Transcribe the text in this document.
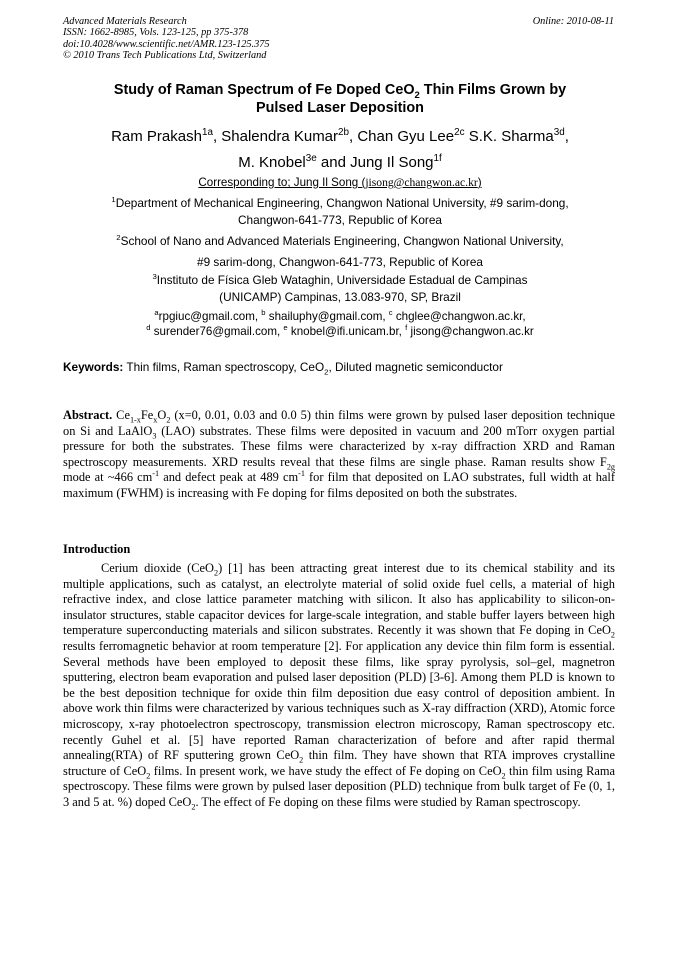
Advanced Materials Research
ISSN: 1662-8985, Vols. 123-125, pp 375-378
doi:10.4028/www.scientific.net/AMR.123-125.375
© 2010 Trans Tech Publications Ltd, Switzerland
Online: 2010-08-11
Study of Raman Spectrum of Fe Doped CeO$_2$ Thin Films Grown by
Pulsed Laser Deposition
Ram Prakash$^{1a}$, Shalendra Kumar$^{2b}$, Chan Gyu Lee$^{2c}$ S.K. Sharma$^{3d}$,
M. Knobel$^{3e}$ and Jung Il Song$^{1f}$
Corresponding to; Jung Il Song (jisong@changwon.ac.kr)
$^1$Department of Mechanical Engineering, Changwon National University, #9 sarim-dong,
Changwon-641-773, Republic of Korea
$^2$School of Nano and Advanced Materials Engineering, Changwon National University,
#9 sarim-dong, Changwon-641-773, Republic of Korea
$^3$Instituto de Física Gleb Wataghin, Universidade Estadual de Campinas
(UNICAMP) Campinas, 13.083-970, SP, Brazil
$^a$rpgiuc@gmail.com, $^b$ shailuphy@gmail.com, $^c$ chglee@changwon.ac.kr,
$^d$ surender76@gmail.com, $^e$ knobel@ifi.unicam.br, $^f$ jisong@changwon.ac.kr
Keywords: Thin films, Raman spectroscopy, CeO$_2$, Diluted magnetic semiconductor
Abstract. $Ce_{1-x}Fe_xO_2$ (x=0, 0.01, 0.03 and 0.0 5) thin films were grown by pulsed laser deposition technique on Si and LaAlO$_3$ (LAO) substrates. These films were deposited in vacuum and 200 mTorr oxygen partial pressure for both the substrates. These films were characterized by x-ray diffraction XRD and Raman spectroscopy measurements. XRD results reveal that these films are single phase. Raman results show $F_{2g}$ mode at ~466 $cm^{-1}$ and defect peak at 489 $cm^{-1}$ for film that deposited on LAO substrates, full width at half maximum (FWHM) is increasing with Fe doping for films deposited on both the substrates.
Introduction

Cerium dioxide (CeO$_2$) [1] has been attracting great interest due to its chemical stability and its multiple applications, such as catalyst, an electrolyte material of solid oxide fuel cells, a material of high refractive index, and close lattice parameter matching with silicon. It also has applicability to silicon-on-insulator structures, stable capacitor devices for large-scale integration, and stable buffer layers between high temperature superconducting materials and silicon substrates. Recently it was shown that Fe doping in CeO$_2$ results ferromagnetic behavior at room temperature [2]. For application any device thin film form is essential. Several methods have been employed to deposit these films, like spray pyrolysis, sol–gel, magnetron sputtering, electron beam evaporation and pulsed laser deposition (PLD) [3-6]. Among them PLD is known to be the best deposition technique for oxide thin film deposition due easy control of deposition ambient. In above work thin films were characterized by various techniques such as X-ray diffraction (XRD), Atomic force microscopy, x-ray photoelectron spectroscopy, transmission electron microscopy, Raman spectroscopy etc. recently Guhel et al. [5] have reported Raman characterization of before and after rapid thermal annealing(RTA) of RF sputtering grown CeO$_2$ thin film. They have shown that RTA improves crystalline structure of CeO$_2$ films. In present work, we have study the effect of Fe doping on CeO$_2$ thin film using Rama spectroscopy. These films were grown by pulsed laser deposition (PLD) technique from bulk target of Fe (0, 1, 3 and 5 at. %) doped CeO$_2$. The effect of Fe doping on these films were studied by Raman spectroscopy.
